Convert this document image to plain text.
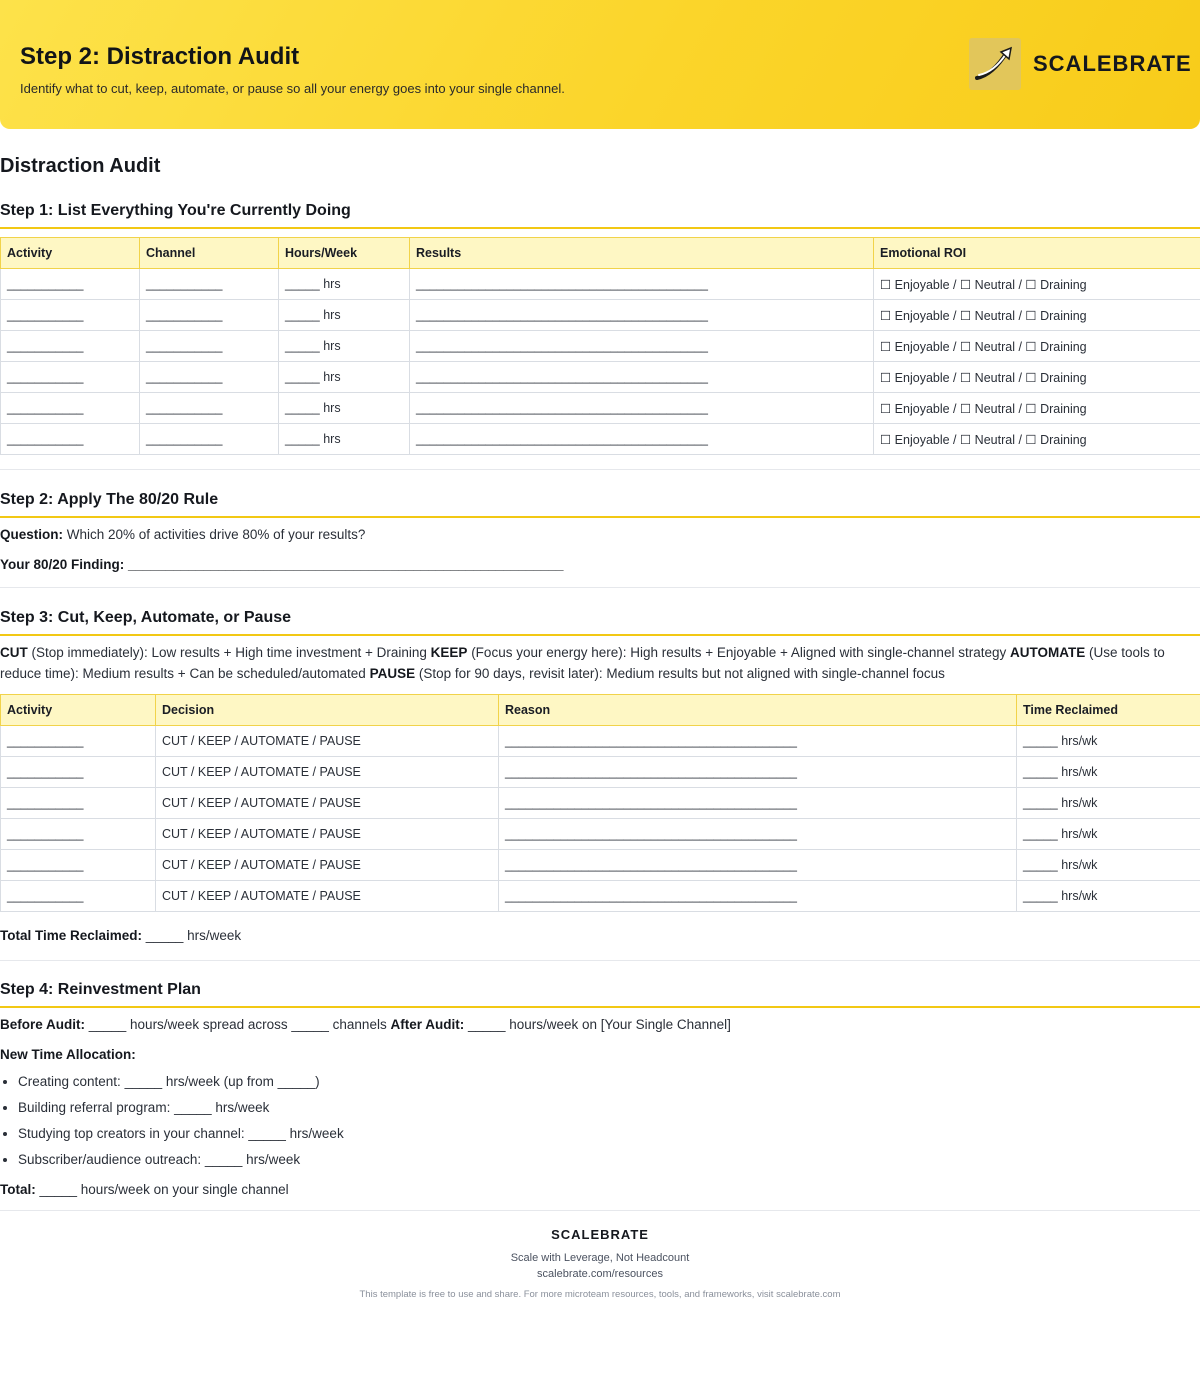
Step 2: Distraction Audit
Identify what to cut, keep, automate, or pause so all your energy goes into your single channel.
SCALEBRATE
Distraction Audit
Step 1: List Everything You're Currently Doing
Activity	Channel	Hours/Week	Results	Emotional ROI
___________	___________	_____ hrs	__________________________________________	☐ Enjoyable / ☐ Neutral / ☐ Draining
___________	___________	_____ hrs	__________________________________________	☐ Enjoyable / ☐ Neutral / ☐ Draining
___________	___________	_____ hrs	__________________________________________	☐ Enjoyable / ☐ Neutral / ☐ Draining
___________	___________	_____ hrs	__________________________________________	☐ Enjoyable / ☐ Neutral / ☐ Draining
___________	___________	_____ hrs	__________________________________________	☐ Enjoyable / ☐ Neutral / ☐ Draining
___________	___________	_____ hrs	__________________________________________	☐ Enjoyable / ☐ Neutral / ☐ Draining
Step 2: Apply The 80/20 Rule

Question: Which 20% of activities drive 80% of your results?

Your 80/20 Finding: __________________________________________________________

Step 3: Cut, Keep, Automate, or Pause

CUT (Stop immediately): Low results + High time investment + Draining KEEP (Focus your energy here): High results + Enjoyable + Aligned with single-channel strategy AUTOMATE (Use tools to reduce time): Medium results + Can be scheduled/automated PAUSE (Stop for 90 days, revisit later): Medium results but not aligned with single-channel focus

Activity	Decision	Reason	Time Reclaimed
___________	CUT / KEEP / AUTOMATE / PAUSE	__________________________________________	_____ hrs/wk
___________	CUT / KEEP / AUTOMATE / PAUSE	__________________________________________	_____ hrs/wk
___________	CUT / KEEP / AUTOMATE / PAUSE	__________________________________________	_____ hrs/wk
___________	CUT / KEEP / AUTOMATE / PAUSE	__________________________________________	_____ hrs/wk
___________	CUT / KEEP / AUTOMATE / PAUSE	__________________________________________	_____ hrs/wk
___________	CUT / KEEP / AUTOMATE / PAUSE	__________________________________________	_____ hrs/wk

Total Time Reclaimed: _____ hrs/week

Step 4: Reinvestment Plan

Before Audit: _____ hours/week spread across _____ channels After Audit: _____ hours/week on [Your Single Channel]

New Time Allocation:

• Creating content: _____ hrs/week (up from _____)
• Building referral program: _____ hrs/week
• Studying top creators in your channel: _____ hrs/week
• Subscriber/audience outreach: _____ hrs/week

Total: _____ hours/week on your single channel

SCALEBRATE
Scale with Leverage, Not Headcount
scalebrate.com/resources
This template is free to use and share. For more microteam resources, tools, and frameworks, visit scalebrate.com
